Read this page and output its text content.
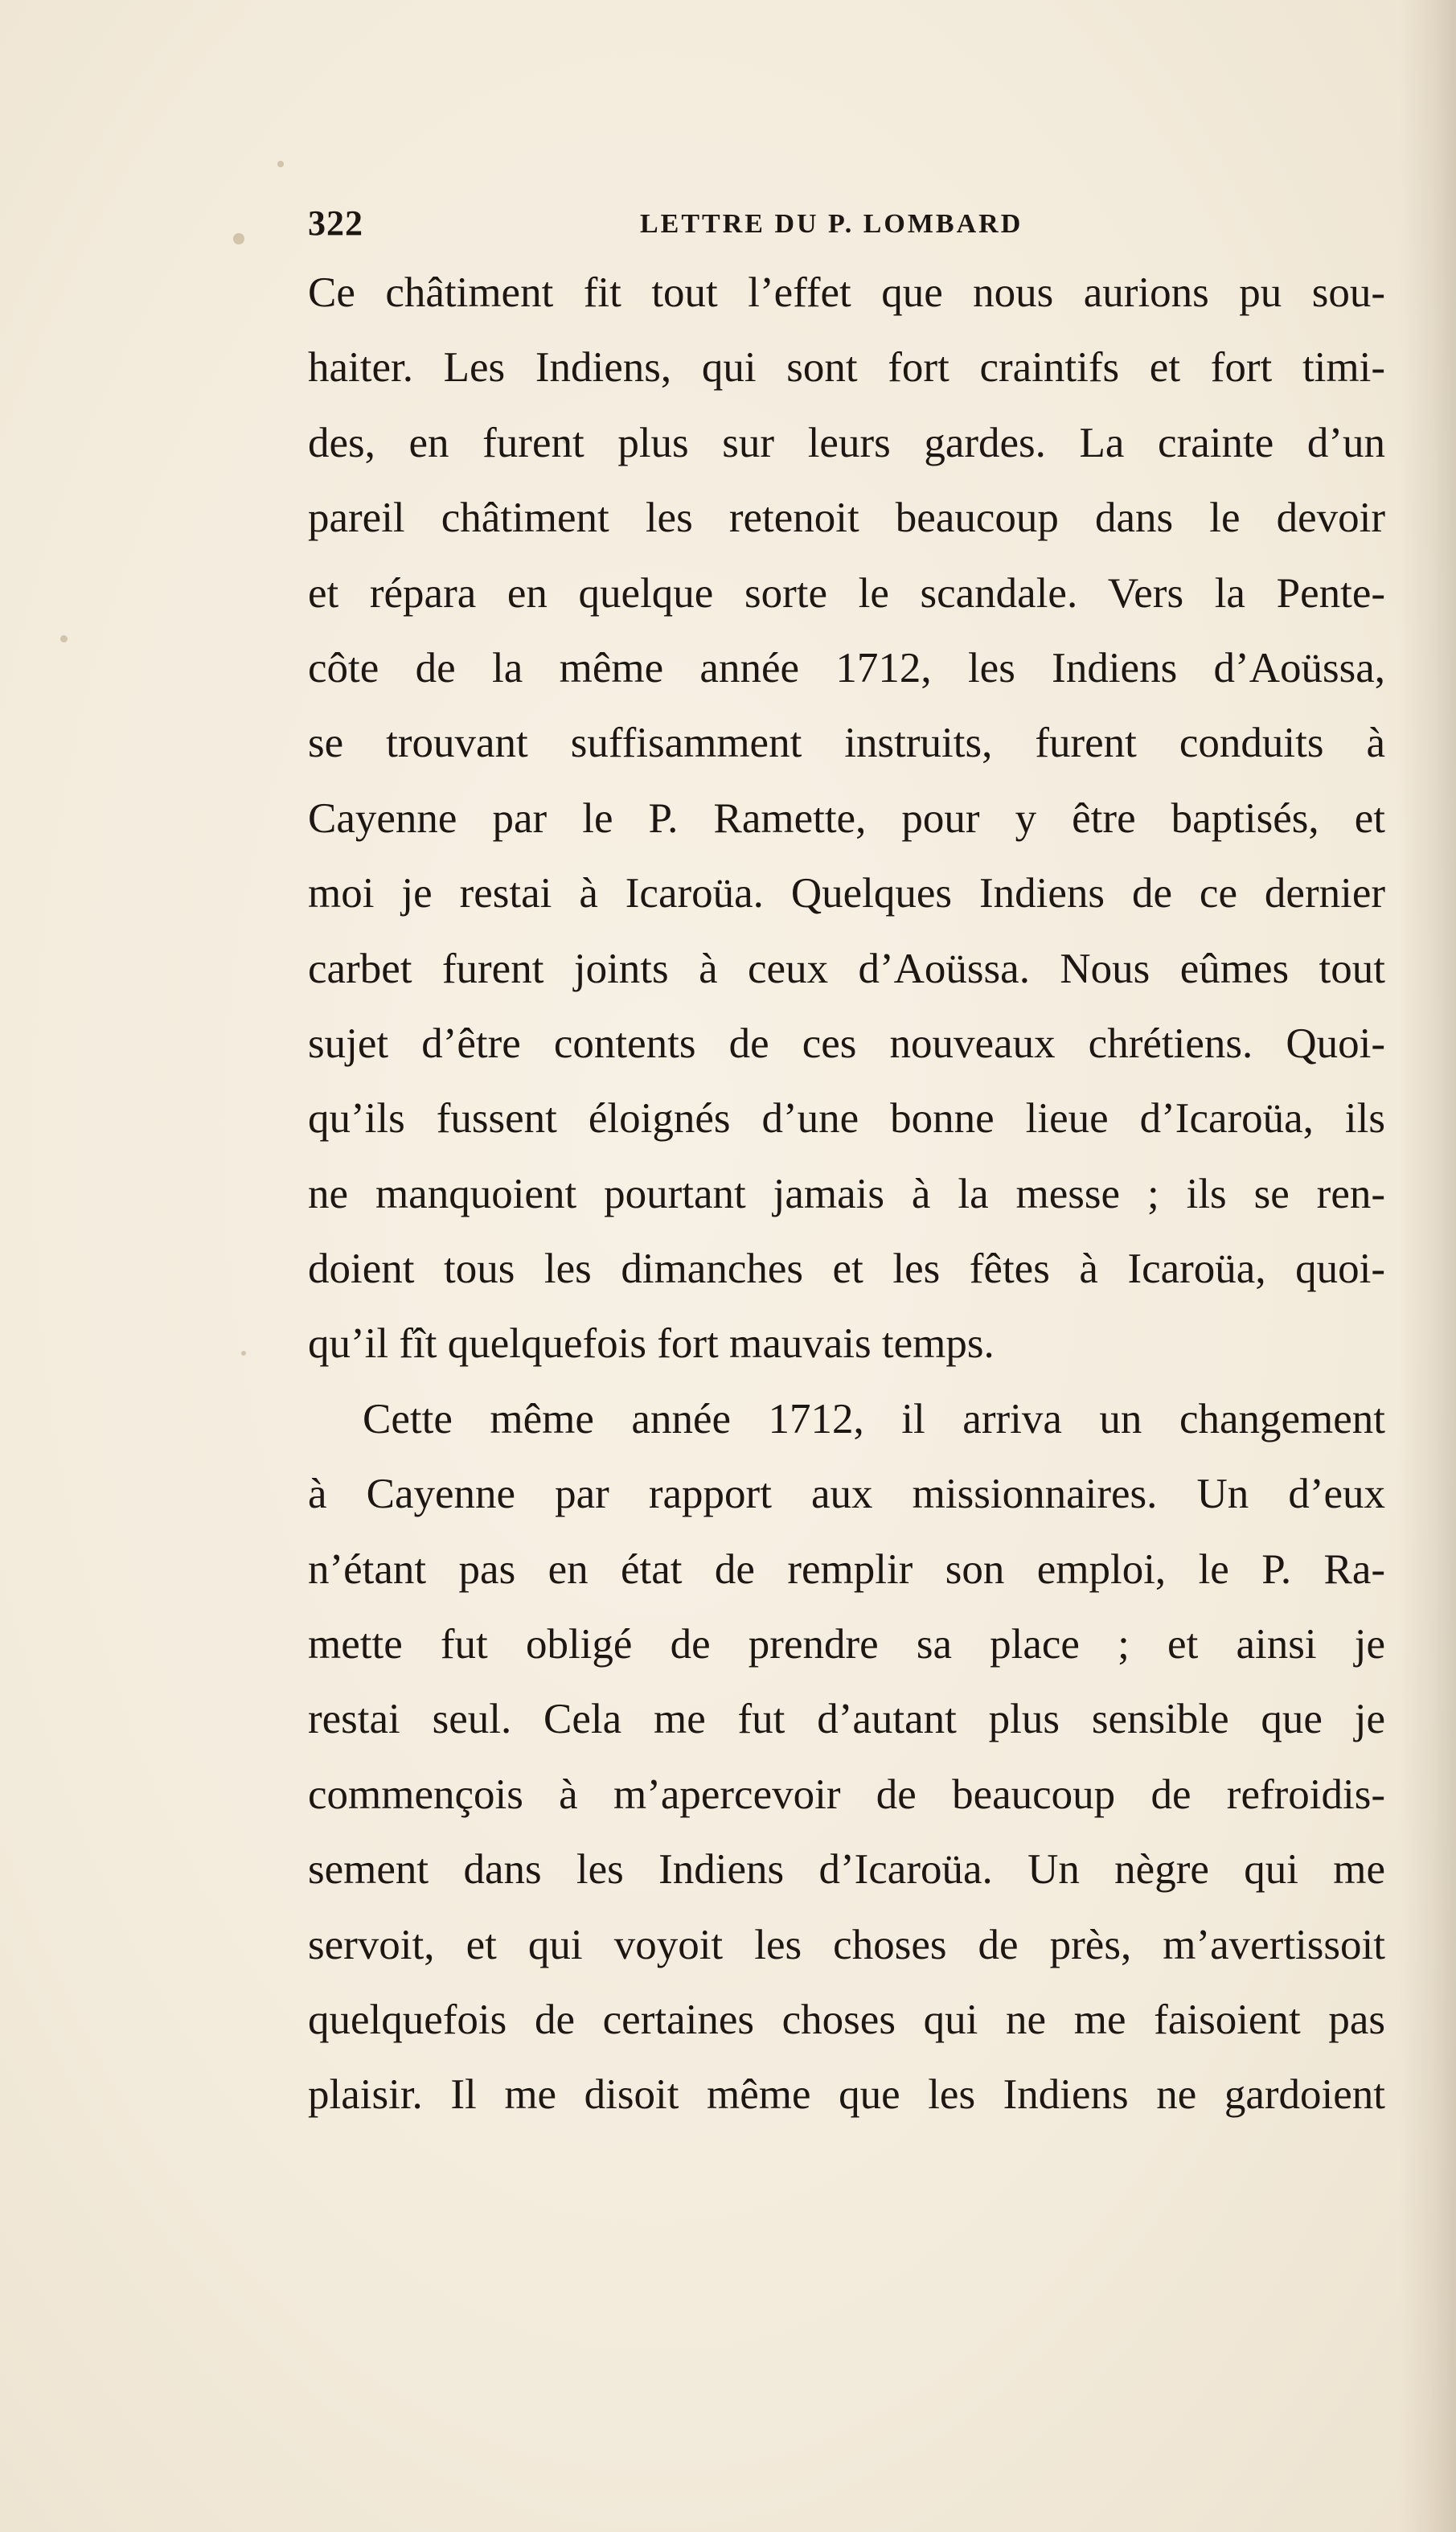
322	LETTRE DU P. LOMBARD
Ce châtiment fit tout l’effet que nous aurions pu sou-
haiter. Les Indiens, qui sont fort craintifs et fort timi-
des, en furent plus sur leurs gardes. La crainte d’un
pareil châtiment les retenoit beaucoup dans le devoir
et répara en quelque sorte le scandale. Vers la Pente-
côte de la même année 1712, les Indiens d’Aoüssa,
se trouvant suffisamment instruits, furent conduits à
Cayenne par le P. Ramette, pour y être baptisés, et
moi je restai à Icaroüa. Quelques Indiens de ce dernier
carbet furent joints à ceux d’Aoüssa. Nous eûmes tout
sujet d’être contents de ces nouveaux chrétiens. Quoi-
qu’ils fussent éloignés d’une bonne lieue d’Icaroüa, ils
ne manquoient pourtant jamais à la messe ; ils se ren-
doient tous les dimanches et les fêtes à Icaroüa, quoi-
qu’il fît quelquefois fort mauvais temps.
Cette même année 1712, il arriva un changement
à Cayenne par rapport aux missionnaires. Un d’eux
n’étant pas en état de remplir son emploi, le P. Ra-
mette fut obligé de prendre sa place ; et ainsi je
restai seul. Cela me fut d’autant plus sensible que je
commençois à m’apercevoir de beaucoup de refroidis-
sement dans les Indiens d’Icaroüa. Un nègre qui me
servoit, et qui voyoit les choses de près, m’avertissoit
quelquefois de certaines choses qui ne me faisoient pas
plaisir. Il me disoit même que les Indiens ne gardoient
